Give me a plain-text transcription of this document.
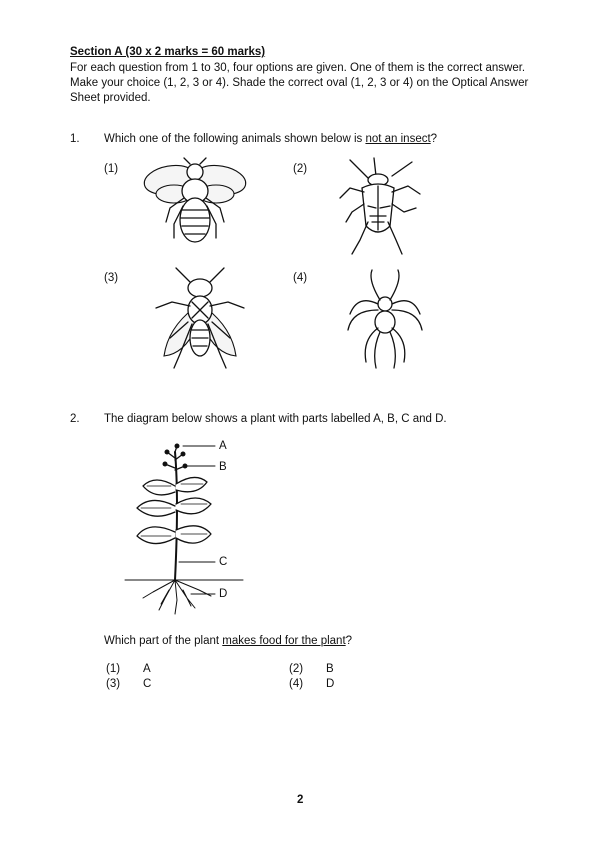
Section A (30 x 2 marks = 60 marks)
For each question from 1 to 30, four options are given. One of them is the correct answer. Make your choice (1, 2, 3 or 4). Shade the correct oval (1, 2, 3 or 4) on the Optical Answer Sheet provided.
1. Which one of the following animals shown below is not an insect?
(1)	(2)
(3)	(4)
2. The diagram below shows a plant with parts labelled A, B, C and D.
A
B
C
D
Which part of the plant makes food for the plant?
(1) A	(2) B
(3) C	(4) D
2
